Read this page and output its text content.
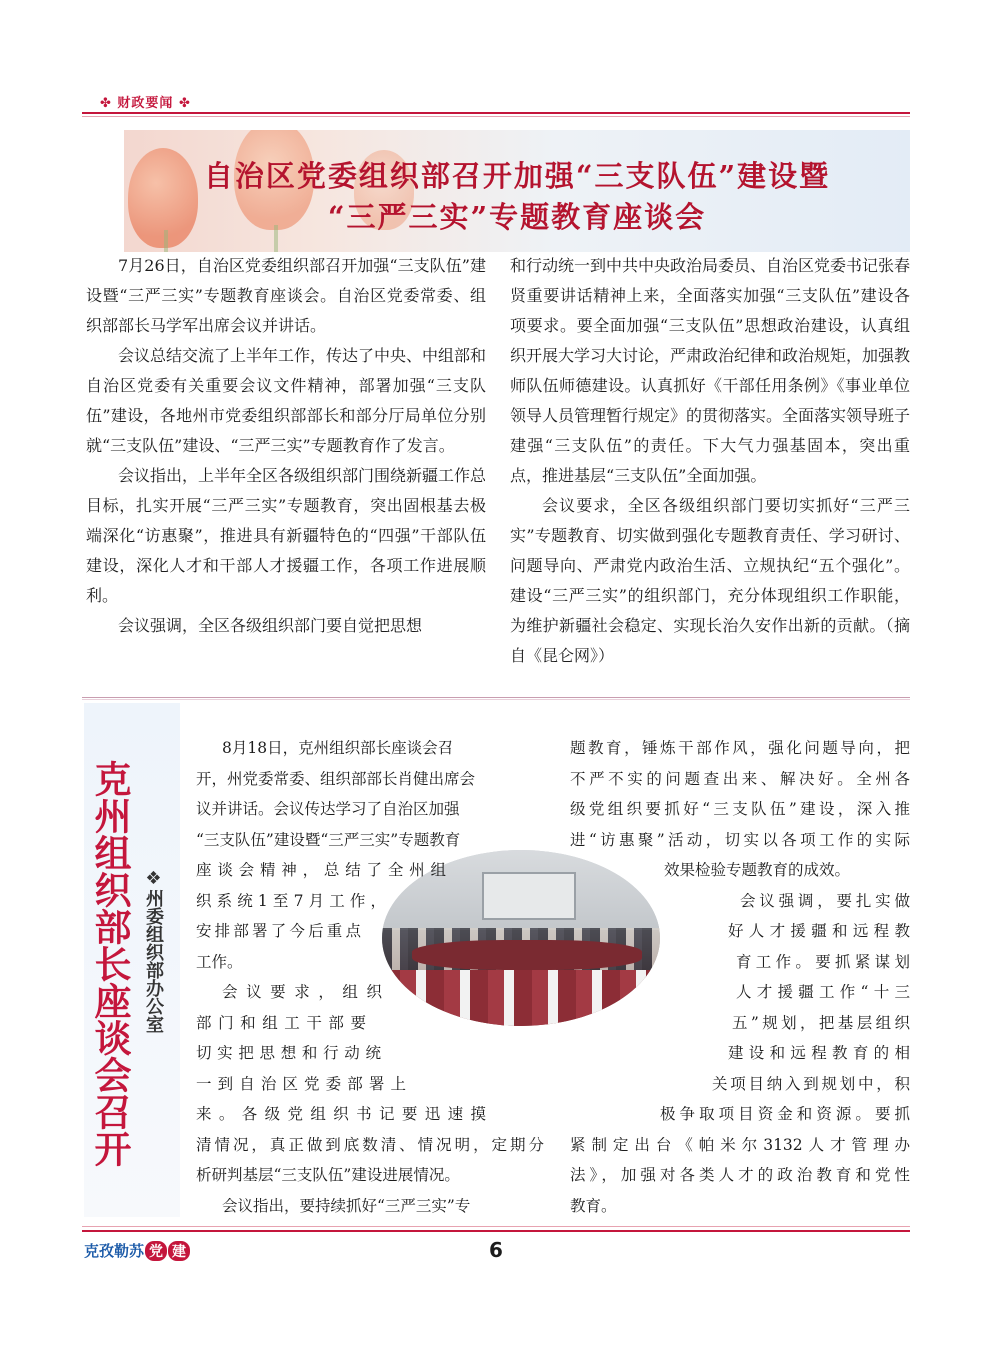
✤ 财政要闻 ✤
自治区党委组织部召开加强“三支队伍”建设暨
“三严三实”专题教育座谈会

7月26日，自治区党委组织部召开加强“三支队伍”建设暨“三严三实”专题教育座谈会。自治区党委常委、组织部部长马学军出席会议并讲话。

会议总结交流了上半年工作，传达了中央、中组部和自治区党委有关重要会议文件精神，部署加强“三支队伍”建设，各地州市党委组织部部长和部分厅局单位分别就“三支队伍”建设、“三严三实”专题教育作了发言。

会议指出，上半年全区各级组织部门围绕新疆工作总目标，扎实开展“三严三实”专题教育，突出固根基去极端深化“访惠聚”，推进具有新疆特色的“四强”干部队伍建设，深化人才和干部人才援疆工作，各项工作进展顺利。

会议强调，全区各级组织部门要自觉把思想

和行动统一到中共中央政治局委员、自治区党委书记张春贤重要讲话精神上来，全面落实加强“三支队伍”建设各项要求。要全面加强“三支队伍”思想政治建设，认真组织开展大学习大讨论，严肃政治纪律和政治规矩，加强教师队伍师德建设。认真抓好《干部任用条例》《事业单位领导人员管理暂行规定》的贯彻落实。全面落实领导班子建强“三支队伍”的责任。下大气力强基固本，突出重点，推进基层“三支队伍”全面加强。

会议要求，全区各级组织部门要切实抓好“三严三实”专题教育、切实做到强化专题教育责任、学习研讨、问题导向、严肃党内政治生活、立规执纪“五个强化”。建设“三严三实”的组织部门，充分体现组织工作职能，为维护新疆社会稳定、实现长治久安作出新的贡献。（摘自《昆仑网》）

克州组织部长座谈会召开 ❖州委组织部办公室
8月18日，克州组织部长座谈会召
开，州党委常委、组织部部长肖健出席会
议并讲话。会议传达学习了自治区加强
“三支队伍”建设暨“三严三实”专题教育
座谈会精神，总结了全州组
织系统1至7月工作，
安排部署了今后重点
工作。
会议要求，组织
部门和组工干部要
切实把思想和行动统
一到自治区党委部署上
来。各级党组织书记要迅速摸
清情况，真正做到底数清、情况明，定期分
析研判基层“三支队伍”建设进展情况。
会议指出，要持续抓好“三严三实”专
题教育，锤炼干部作风，强化问题导向，把
不严不实的问题查出来、解决好。全州各
级党组织要抓好“三支队伍”建设，深入推
进“访惠聚”活动，切实以各项工作的实际
效果检验专题教育的成效。
会议强调，要扎实做
好人才援疆和远程教
育工作。要抓紧谋划
人才援疆工作“十三
五”规划，把基层组织
建设和远程教育的相
关项目纳入到规划中，积
极争取项目资金和资源。要抓
紧制定出台《帕米尔3132人才管理办
法》，加强对各类人才的政治教育和党性
教育。
克孜勒苏 党 建	6
